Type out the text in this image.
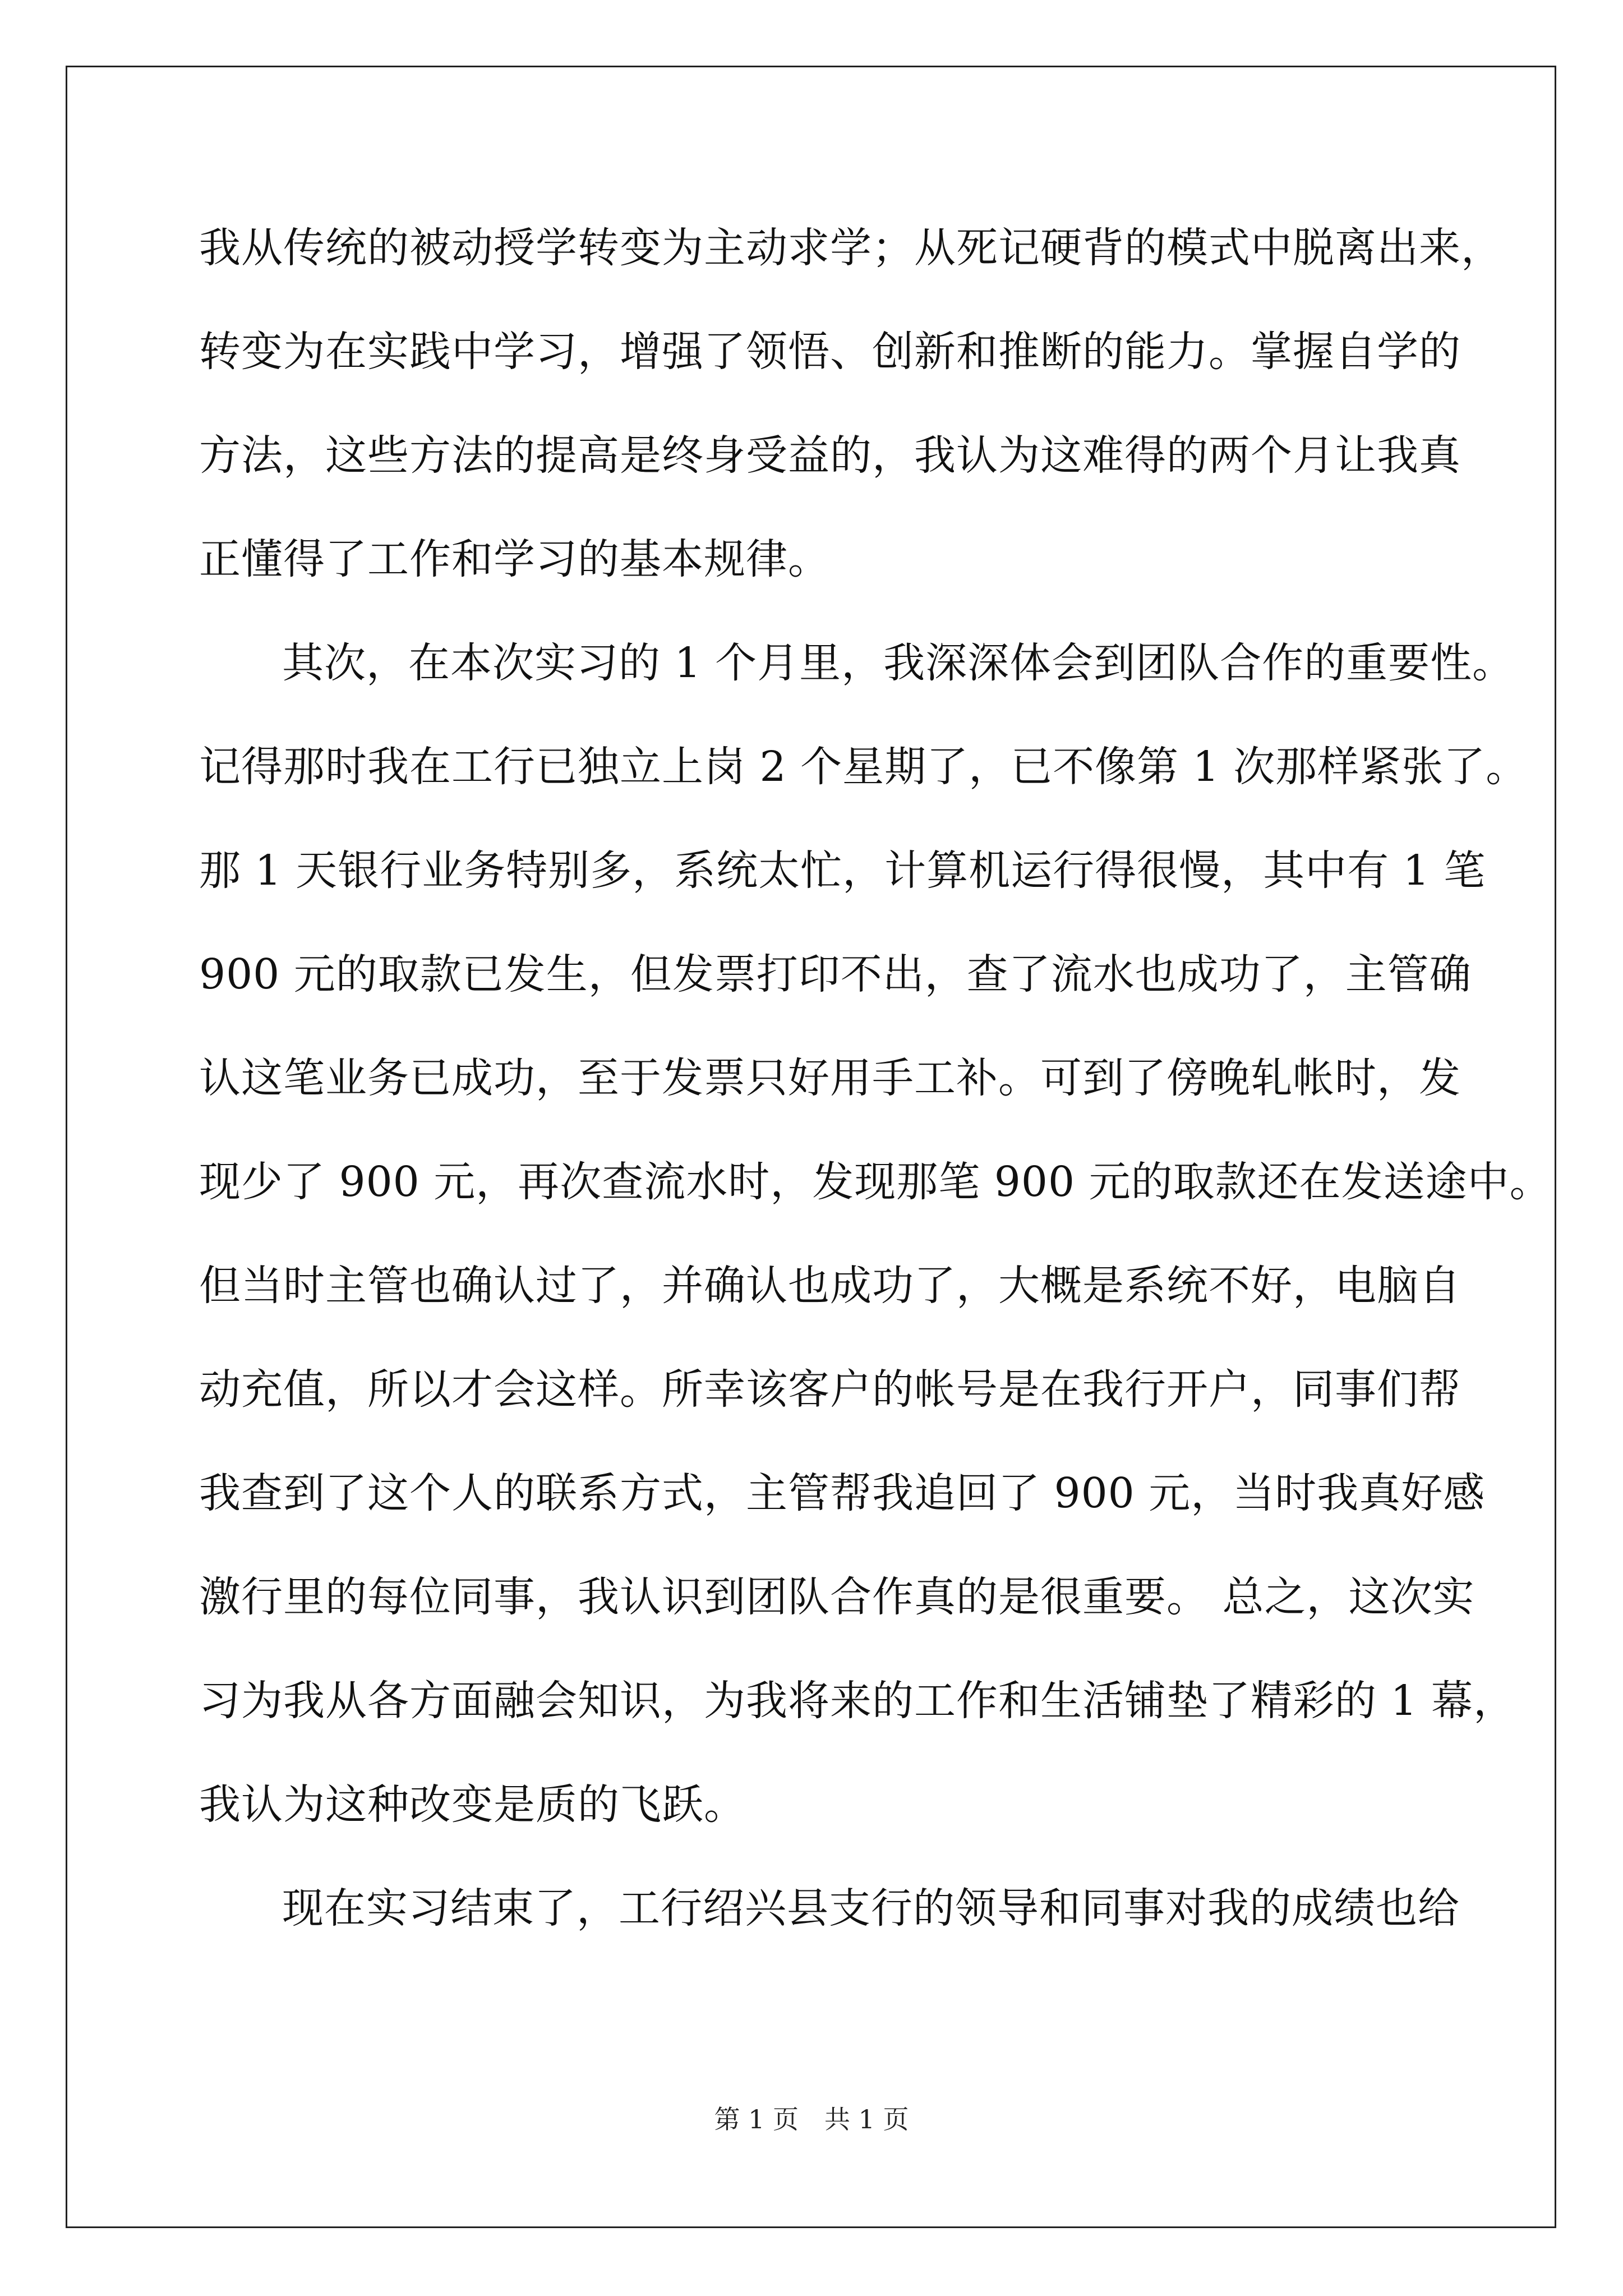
我从传统的被动授学转变为主动求学；从死记硬背的模式中脱离出来，
转变为在实践中学习，增强了领悟、创新和推断的能力。掌握自学的
方法，这些方法的提高是终身受益的，我认为这难得的两个月让我真
正懂得了工作和学习的基本规律。
其次，在本次实习的 1 个月里，我深深体会到团队合作的重要性。
记得那时我在工行已独立上岗 2 个星期了，已不像第 1 次那样紧张了。
那 1 天银行业务特别多，系统太忙，计算机运行得很慢，其中有 1 笔
900 元的取款已发生，但发票打印不出，查了流水也成功了，主管确
认这笔业务已成功，至于发票只好用手工补。可到了傍晚轧帐时，发
现少了 900 元，再次查流水时，发现那笔 900 元的取款还在发送途中。
但当时主管也确认过了，并确认也成功了，大概是系统不好，电脑自
动充值，所以才会这样。所幸该客户的帐号是在我行开户，同事们帮
我查到了这个人的联系方式，主管帮我追回了 900 元，当时我真好感
激行里的每位同事，我认识到团队合作真的是很重要。 总之，这次实
习为我从各方面融会知识，为我将来的工作和生活铺垫了精彩的 1 幕，
我认为这种改变是质的飞跃。
现在实习结束了，工行绍兴县支行的领导和同事对我的成绩也给
第 1 页　共 1 页
